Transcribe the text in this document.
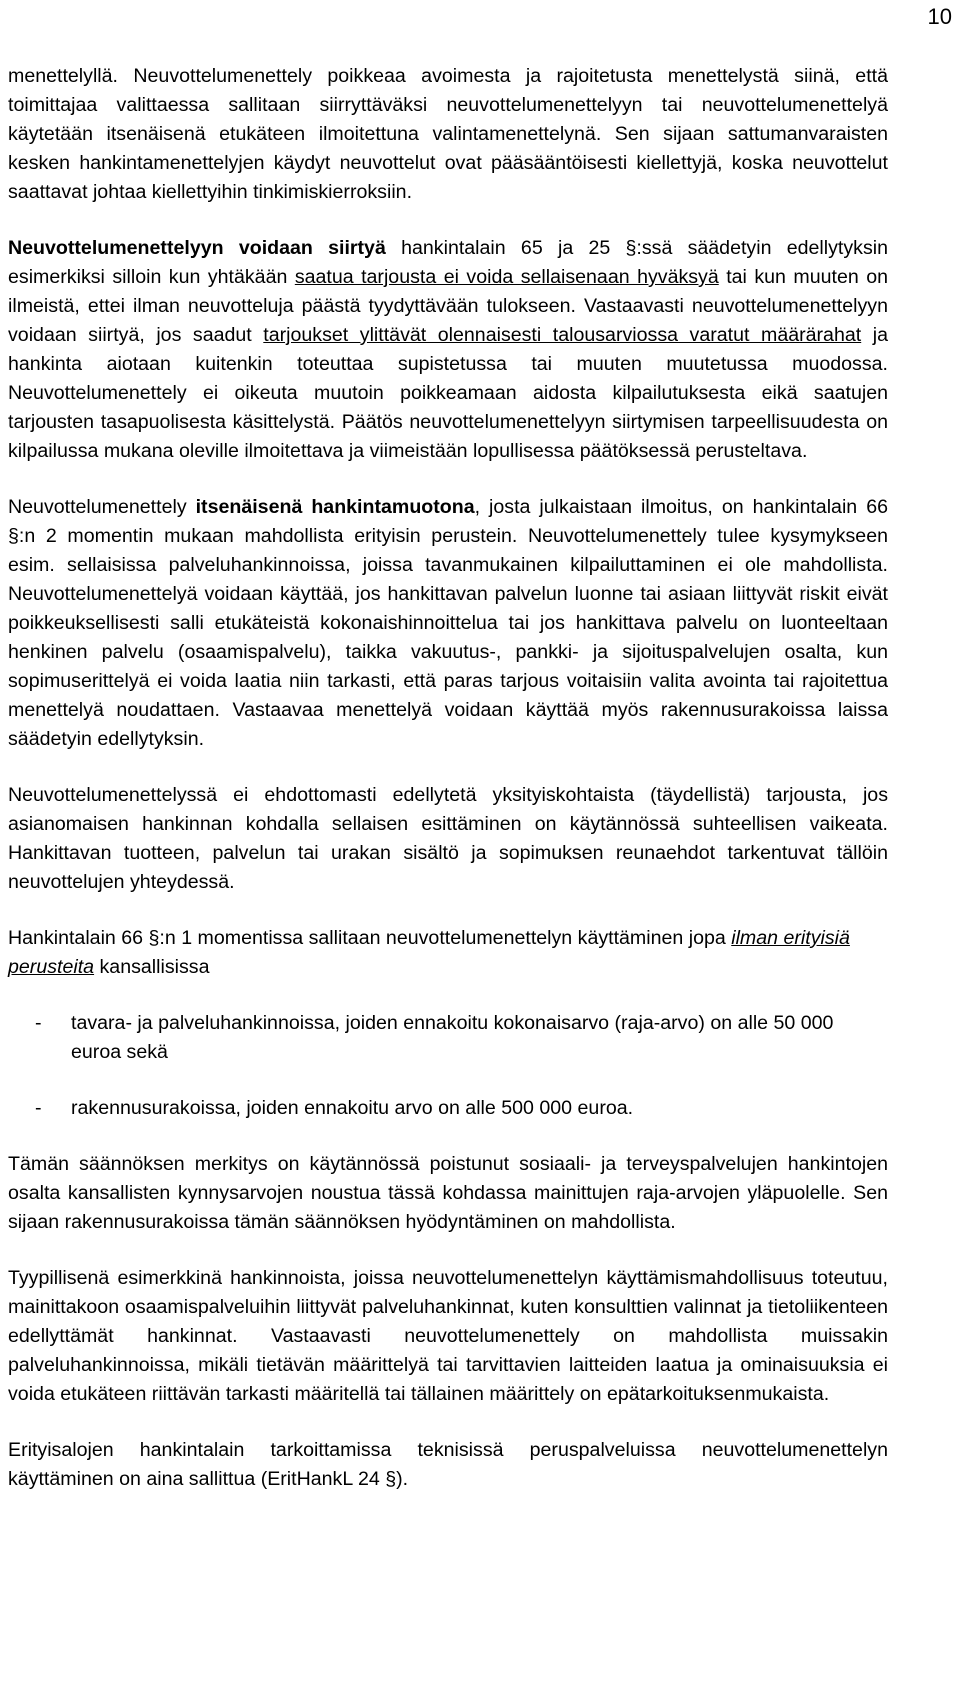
10

menettelyllä. Neuvottelumenettely poikkeaa avoimesta ja rajoitetusta menettelystä siinä, että toimittajaa valittaessa sallitaan siirryttäväksi neuvottelumenettelyyn tai neuvottelumenettelyä käytetään itsenäisenä etukäteen ilmoitettuna valintamenettelynä. Sen sijaan sattumanvaraisten kesken hankintamenettelyjen käydyt neuvottelut ovat pääsääntöisesti kiellettyjä, koska neuvottelut saattavat johtaa kiellettyihin tinkimiskierroksiin.

Neuvottelumenettelyyn voidaan siirtyä hankintalain 65 ja 25 §:ssä säädetyin edellytyksin esimerkiksi silloin kun yhtäkään saatua tarjousta ei voida sellaisenaan hyväksyä tai kun muuten on ilmeistä, ettei ilman neuvotteluja päästä tyydyttävään tulokseen. Vastaavasti neuvottelumenettelyyn voidaan siirtyä, jos saadut tarjoukset ylittävät olennaisesti talousarviossa varatut määrärahat ja hankinta aiotaan kuitenkin toteuttaa supistetussa tai muuten muutetussa muodossa. Neuvottelumenettely ei oikeuta muutoin poikkeamaan aidosta kilpailutuksesta eikä saatujen tarjousten tasapuolisesta käsittelystä. Päätös neuvottelumenettelyyn siirtymisen tarpeellisuudesta on kilpailussa mukana oleville ilmoitettava ja viimeistään lopullisessa päätöksessä perusteltava.

Neuvottelumenettely itsenäisenä hankintamuotona, josta julkaistaan ilmoitus, on hankintalain 66 §:n 2 momentin mukaan mahdollista erityisin perustein. Neuvottelumenettely tulee kysymykseen esim. sellaisissa palveluhankinnoissa, joissa tavanmukainen kilpailuttaminen ei ole mahdollista. Neuvottelumenettelyä voidaan käyttää, jos hankittavan palvelun luonne tai asiaan liittyvät riskit eivät poikkeuksellisesti salli etukäteistä kokonaishinnoittelua tai jos hankittava palvelu on luonteeltaan henkinen palvelu (osaamispalvelu), taikka vakuutus-, pankki- ja sijoituspalvelujen osalta, kun sopimuserittelyä ei voida laatia niin tarkasti, että paras tarjous voitaisiin valita avointa tai rajoitettua menettelyä noudattaen. Vastaavaa menettelyä voidaan käyttää myös rakennusurakoissa laissa säädetyin edellytyksin.

Neuvottelumenettelyssä ei ehdottomasti edellytetä yksityiskohtaista (täydellistä) tarjousta, jos asianomaisen hankinnan kohdalla sellaisen esittäminen on käytännössä suhteellisen vaikeata. Hankittavan tuotteen, palvelun tai urakan sisältö ja sopimuksen reunaehdot tarkentuvat tällöin neuvottelujen yhteydessä.

Hankintalain 66 §:n 1 momentissa sallitaan neuvottelumenettelyn käyttäminen jopa ilman erityisiä perusteita kansallisissa

- tavara- ja palveluhankinnoissa, joiden ennakoitu kokonaisarvo (raja-arvo) on alle 50 000 euroa sekä
- rakennusurakoissa, joiden ennakoitu arvo on alle 500 000 euroa.

Tämän säännöksen merkitys on käytännössä poistunut sosiaali- ja terveyspalvelujen hankintojen osalta kansallisten kynnysarvojen noustua tässä kohdassa mainittujen raja-arvojen yläpuolelle. Sen sijaan rakennusurakoissa tämän säännöksen hyödyntäminen on mahdollista.

Tyypillisenä esimerkkinä hankinnoista, joissa neuvottelumenettelyn käyttämismahdollisuus toteutuu, mainittakoon osaamispalveluihin liittyvät palveluhankinnat, kuten konsulttien valinnat ja tietoliikenteen edellyttämät hankinnat. Vastaavasti neuvottelumenettely on mahdollista muissakin palveluhankinnoissa, mikäli tietävän määrittelyä tai tarvittavien laitteiden laatua ja ominaisuuksia ei voida etukäteen riittävän tarkasti määritellä tai tällainen määrittely on epätarkoituksenmukaista.

Erityisalojen hankintalain tarkoittamissa teknisissä peruspalveluissa neuvottelumenettelyn käyttäminen on aina sallittua (EritHankL 24 §).
